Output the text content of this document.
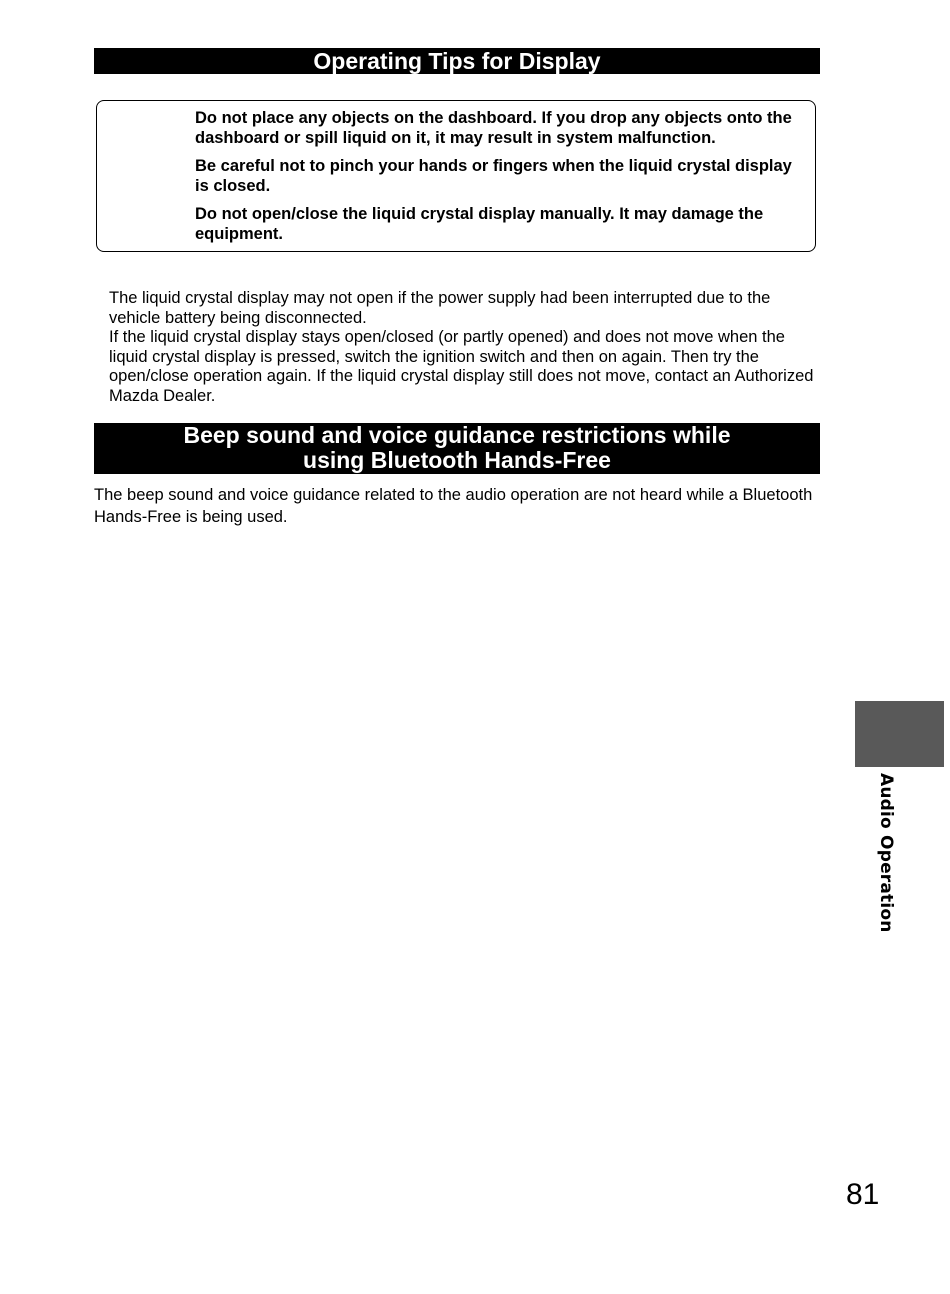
Operating Tips for Display
Do not place any objects on the dashboard. If you drop any objects onto the dashboard or spill liquid on it, it may result in system malfunction.
Be careful not to pinch your hands or fingers when the liquid crystal display is closed.
Do not open/close the liquid crystal display manually. It may damage the equipment.

The liquid crystal display may not open if the power supply had been interrupted due to the vehicle battery being disconnected.

If the liquid crystal display stays open/closed (or partly opened) and does not move when the liquid crystal display is pressed, switch the ignition switch and then on again. Then try the open/close operation again. If the liquid crystal display still does not move, contact an Authorized Mazda Dealer.

Beep sound and voice guidance restrictions while
using Bluetooth Hands-Free
The beep sound and voice guidance related to the audio operation are not heard while a Bluetooth Hands-Free is being used.
Audio Operation
81
